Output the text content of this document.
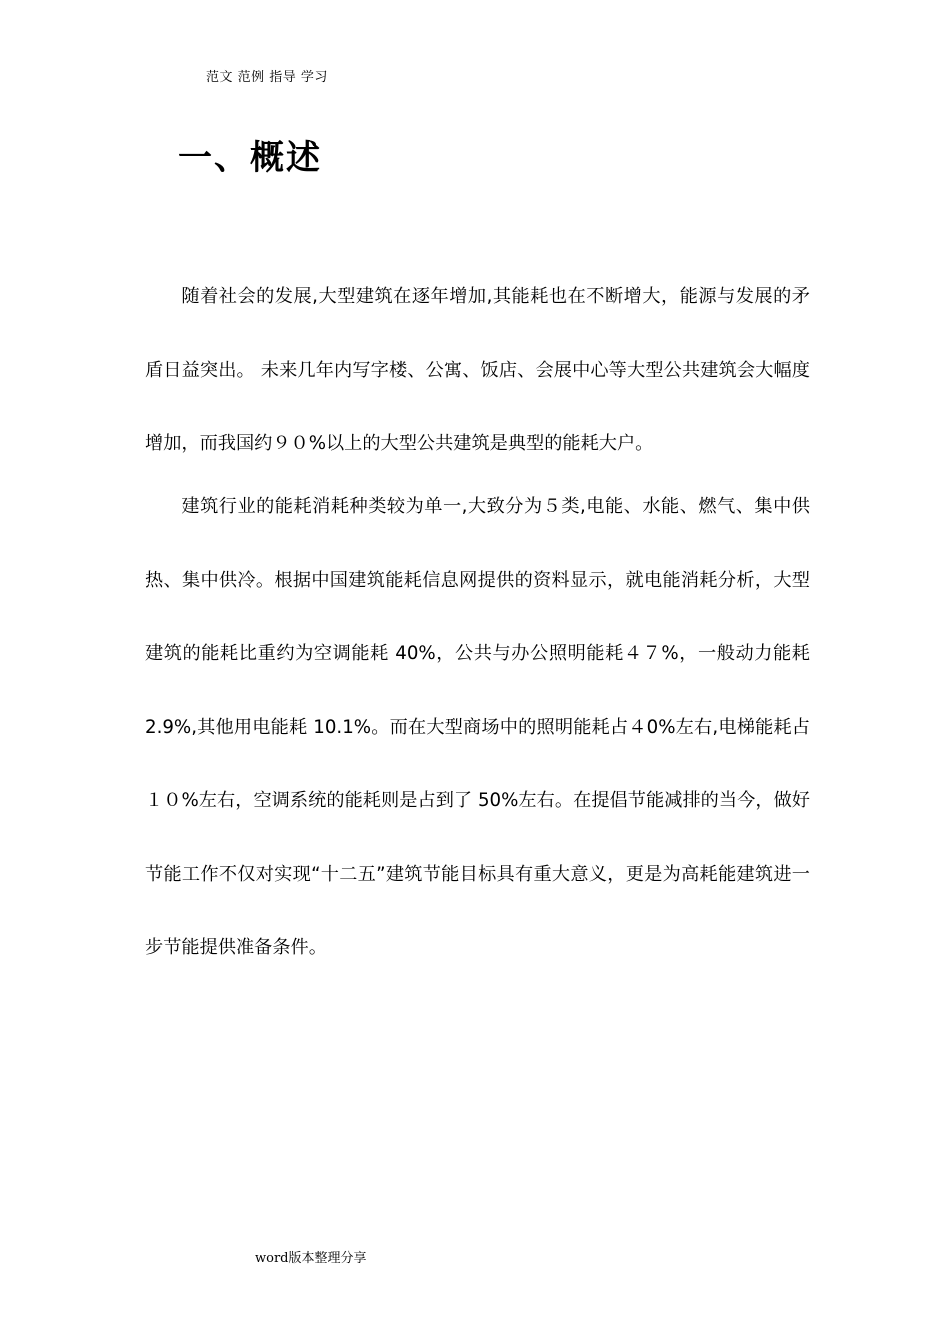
范文 范例 指导 学习
一、概述

随着社会的发展,大型建筑在逐年增加,其能耗也在不断增大，能源与发展的矛盾日益突出。 未来几年内写字楼、公寓、饭店、会展中心等大型公共建筑会大幅度增加，而我国约９０%以上的大型公共建筑是典型的能耗大户。

建筑行业的能耗消耗种类较为单一,大致分为５类,电能、水能、燃气、集中供热、集中供冷。根据中国建筑能耗信息网提供的资料显示，就电能消耗分析，大型建筑的能耗比重约为空调能耗 40%，公共与办公照明能耗４７%，一般动力能耗 2.9%,其他用电能耗 10.1%。而在大型商场中的照明能耗占４0%左右,电梯能耗占１０%左右，空调系统的能耗则是占到了 50%左右。在提倡节能减排的当今，做好节能工作不仅对实现“十二五”建筑节能目标具有重大意义，更是为高耗能建筑进一步节能提供准备条件。

word版本整理分享
